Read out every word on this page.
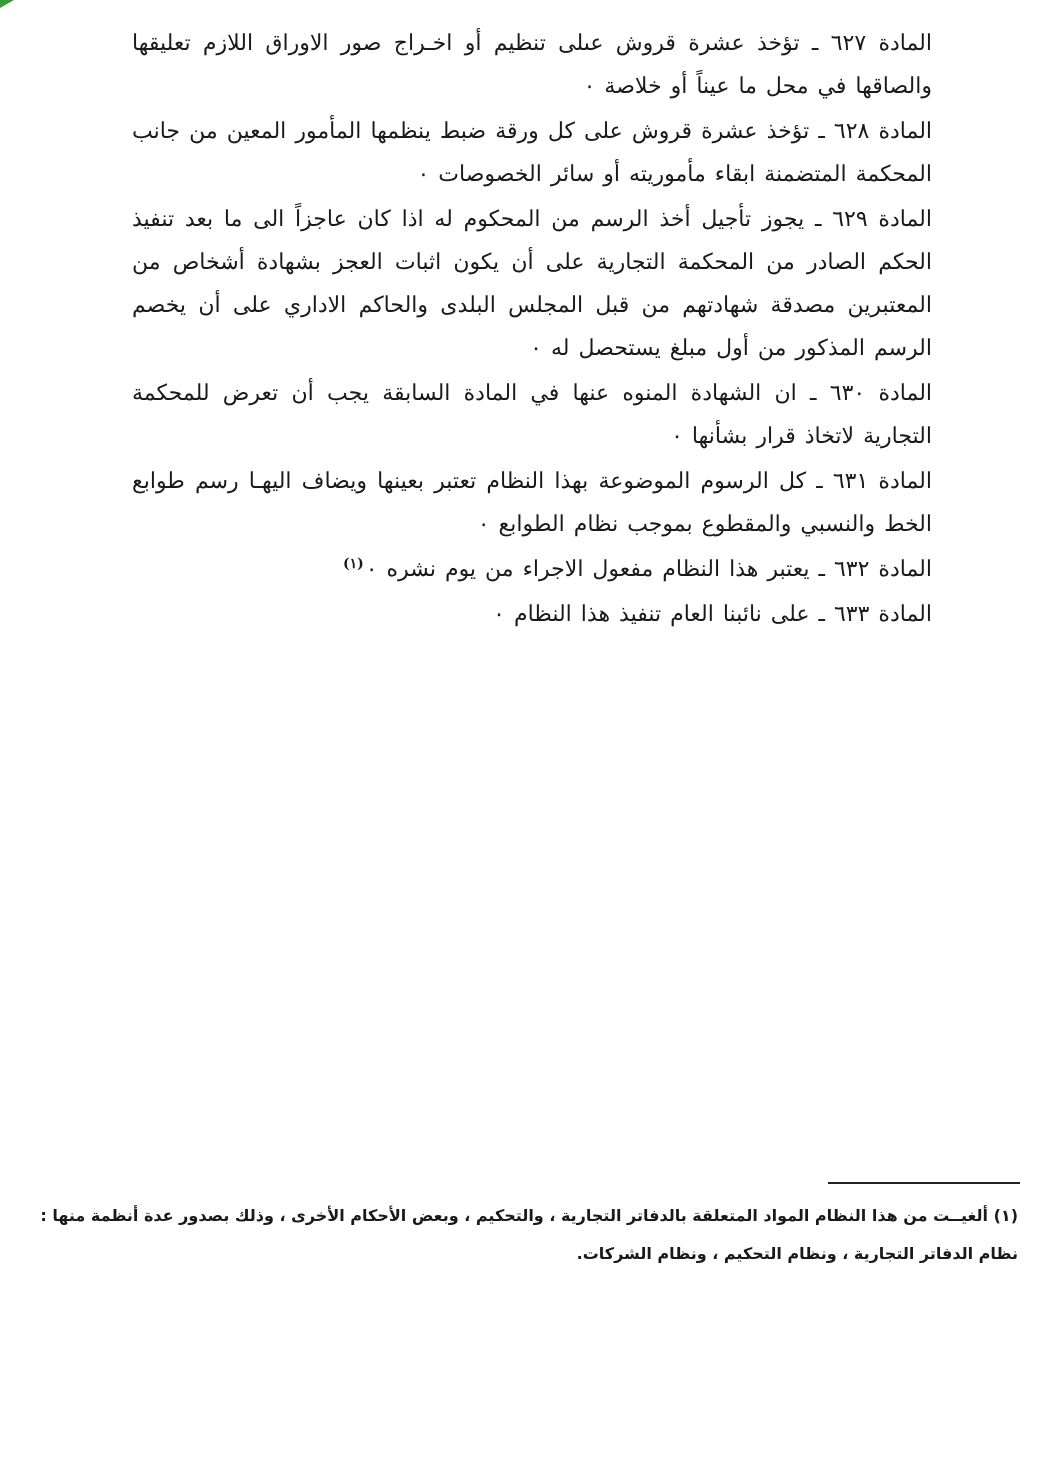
المادة ٦٢٧ ـ تؤخذ عشرة قروش عىلى تنظيم أو اخـراج صور الاوراق اللازم تعليقها والصاقها في محل ما عيناً أو خلاصة ٠

المادة ٦٢٨ ـ تؤخذ عشرة قروش على كل ورقة ضبط ينظمها المأمور المعين من جانب المحكمة المتضمنة ابقاء مأموريته أو سائر الخصوصات ٠

المادة ٦٢٩ ـ يجوز تأجيل أخذ الرسم من المحكوم له اذا كان عاجزاً الى ما بعد تنفيذ الحكم الصادر من المحكمة التجارية على أن يكون اثبات العجز بشهادة أشخاص من المعتبرين مصدقة شهادتهم من قبل المجلس البلدى والحاكم الاداري على أن يخصم الرسم المذكور من أول مبلغ يستحصل له ٠

المادة ٦٣٠ ـ ان الشهادة المنوه عنها في المادة السابقة يجب أن تعرض للمحكمة التجارية لاتخاذ قرار بشأنها ٠

المادة ٦٣١ ـ كل الرسوم الموضوعة بهذا النظام تعتبر بعينها ويضاف اليهـا رسم طوابع الخط والنسبي والمقطوع بموجب نظام الطوابع ٠

المادة ٦٣٢ ـ يعتبر هذا النظام مفعول الاجراء من يوم نشره ٠$^{(١)}$

المادة ٦٣٣ ـ على نائبنا العام تنفيذ هذا النظام ٠

(١) ألغيــت من هذا النظام المواد المتعلقة بالدفاتر التجارية ، والتحكيم ، وبعض الأحكام الأخرى ، وذلك بصدور عدة أنظمة منها :
نظام الدفاتر التجارية ، ونظام التحكيم ، ونظام الشركات.
